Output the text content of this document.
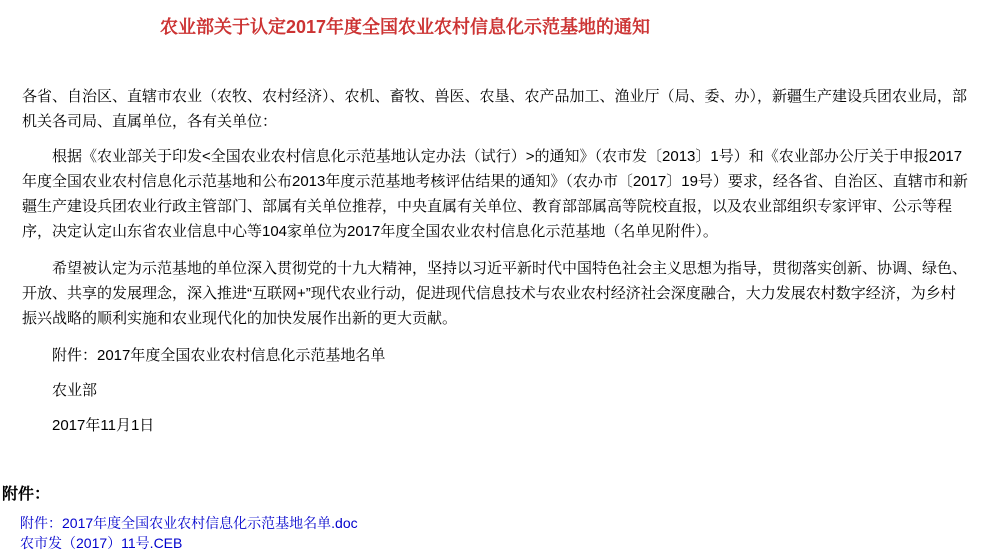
农业部关于认定2017年度全国农业农村信息化示范基地的通知

各省、自治区、直辖市农业（农牧、农村经济）、农机、畜牧、兽医、农垦、农产品加工、渔业厅（局、委、办），新疆生产建设兵团农业局，部机关各司局、直属单位，各有关单位：

根据《农业部关于印发<全国农业农村信息化示范基地认定办法（试行）>的通知》（农市发〔2013〕1号）和《农业部办公厅关于申报2017年度全国农业农村信息化示范基地和公布2013年度示范基地考核评估结果的通知》（农办市〔2017〕19号）要求，经各省、自治区、直辖市和新疆生产建设兵团农业行政主管部门、部属有关单位推荐，中央直属有关单位、教育部部属高等院校直报，以及农业部组织专家评审、公示等程序，决定认定山东省农业信息中心等104家单位为2017年度全国农业农村信息化示范基地（名单见附件）。

希望被认定为示范基地的单位深入贯彻党的十九大精神，坚持以习近平新时代中国特色社会主义思想为指导，贯彻落实创新、协调、绿色、开放、共享的发展理念，深入推进“互联网+”现代农业行动，促进现代信息技术与农业农村经济社会深度融合，大力发展农村数字经济，为乡村振兴战略的顺利实施和农业现代化的加快发展作出新的更大贡献。

附件：2017年度全国农业农村信息化示范基地名单

农业部

2017年11月1日

附件：
附件：2017年度全国农业农村信息化示范基地名单.doc
农市发（2017）11号.CEB
